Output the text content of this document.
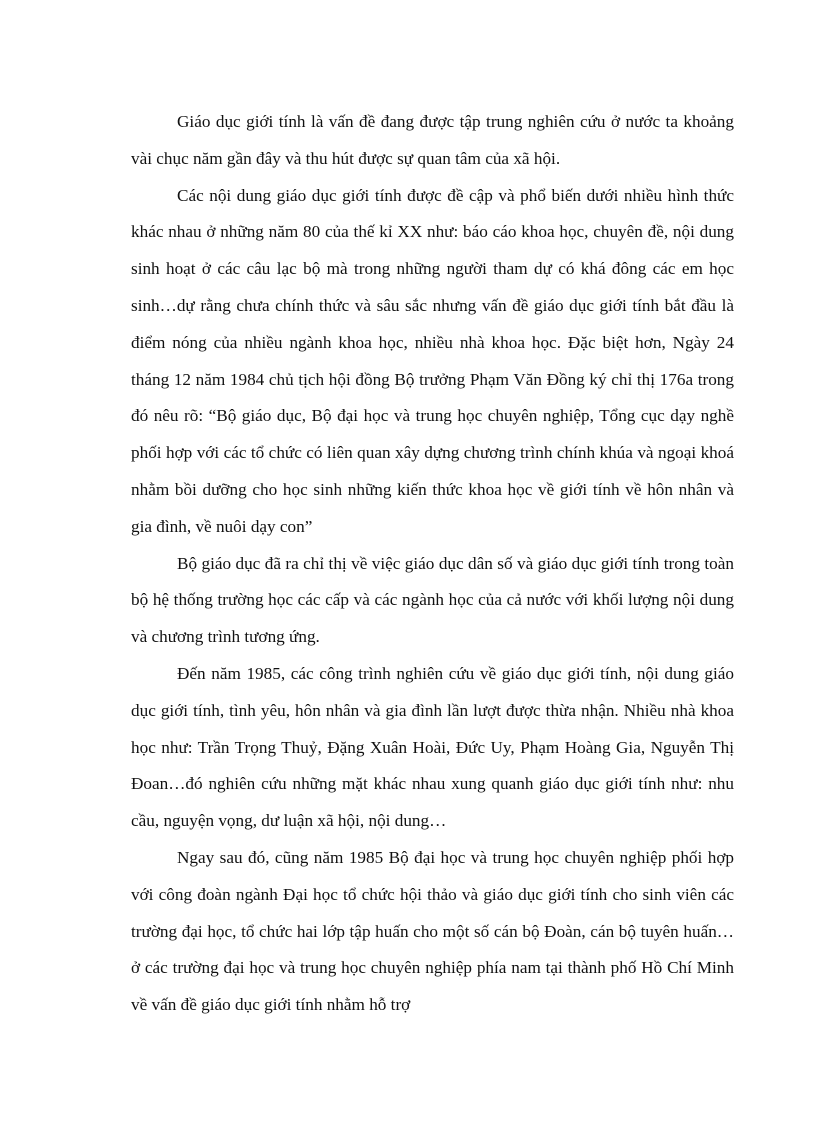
Giáo dục giới tính là vấn đề đang được tập trung nghiên cứu ở nước ta khoảng vài chục năm gần đây và thu hút được sự quan tâm của xã hội.

Các nội dung giáo dục giới tính được đề cập và phổ biến dưới nhiều hình thức khác nhau ở những năm 80 của thế kỉ XX như: báo cáo khoa học, chuyên đề, nội dung sinh hoạt ở các câu lạc bộ mà trong những người tham dự có khá đông các em học sinh…dự rằng chưa chính thức và sâu sắc nhưng vấn đề giáo dục giới tính bắt đầu là điểm nóng của nhiều ngành khoa học, nhiều nhà khoa học. Đặc biệt hơn, Ngày 24 tháng 12 năm 1984 chủ tịch hội đồng Bộ trưởng Phạm Văn Đồng ký chỉ thị 176a trong đó nêu rõ: “Bộ giáo dục, Bộ đại học và trung học chuyên nghiệp, Tổng cục dạy nghề phối hợp với các tổ chức có liên quan xây dựng chương trình chính khúa và ngoại khoá nhằm bồi dưỡng cho học sinh những kiến thức khoa học về giới tính về hôn nhân và gia đình, về nuôi dạy con”

Bộ giáo dục đã ra chỉ thị về việc giáo dục dân số và giáo dục giới tính trong toàn bộ hệ thống trường học các cấp và các ngành học của cả nước với khối lượng nội dung và chương trình tương ứng.

Đến năm 1985, các công trình nghiên cứu về giáo dục giới tính, nội dung giáo dục giới tính, tình yêu, hôn nhân và gia đình lần lượt được thừa nhận. Nhiều nhà khoa học như: Trần Trọng Thuỷ, Đặng Xuân Hoài, Đức Uy, Phạm Hoàng Gia, Nguyễn Thị Đoan…đó nghiên cứu những mặt khác nhau xung quanh giáo dục giới tính như: nhu cầu, nguyện vọng, dư luận xã hội, nội dung…

Ngay sau đó, cũng năm 1985 Bộ đại học và trung học chuyên nghiệp phối hợp với công đoàn ngành Đại học tổ chức hội thảo và giáo dục giới tính cho sinh viên các trường đại học, tổ chức hai lớp tập huấn cho một số cán bộ Đoàn, cán bộ tuyên huấn…ở các trường đại học và trung học chuyên nghiệp phía nam tại thành phố Hồ Chí Minh về vấn đề giáo dục giới tính nhằm hỗ trợ
